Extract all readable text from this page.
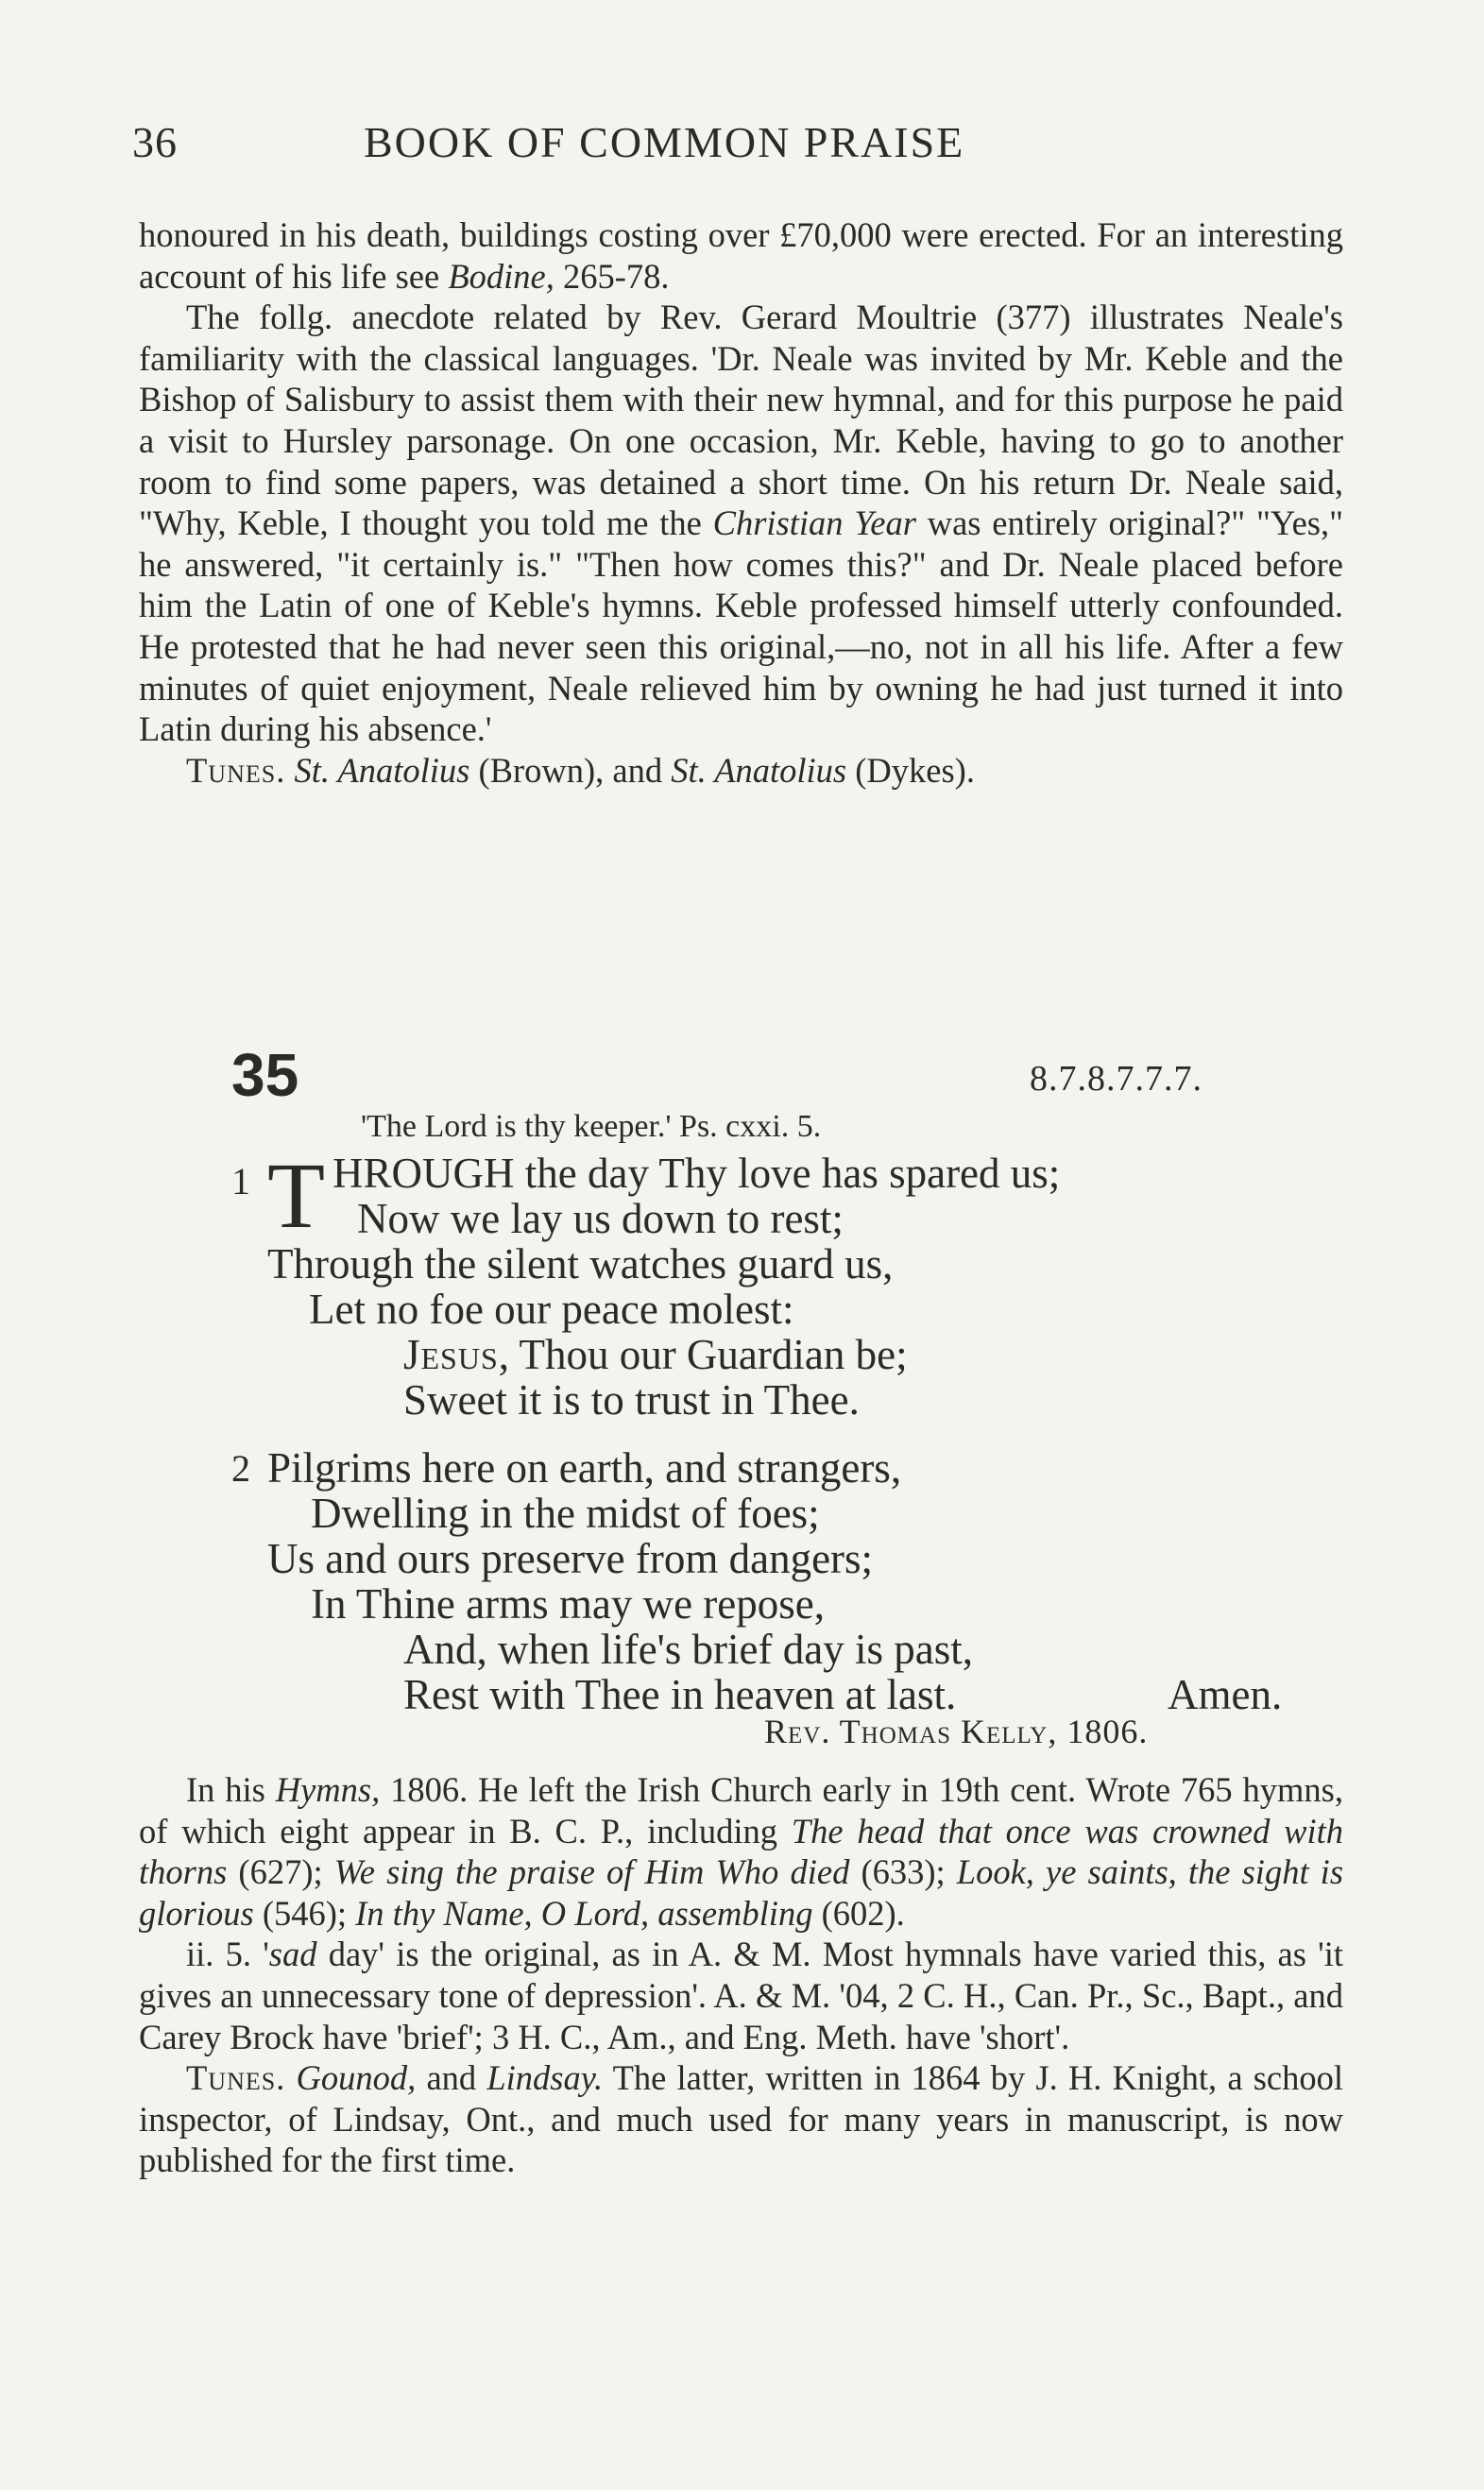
36	BOOK OF COMMON PRAISE

honoured in his death, buildings costing over £70,000 were erected. For an interesting account of his life see Bodine, 265-78.

The follg. anecdote related by Rev. Gerard Moultrie (377) illustrates Neale's familiarity with the classical languages. 'Dr. Neale was invited by Mr. Keble and the Bishop of Salisbury to assist them with their new hymnal, and for this purpose he paid a visit to Hursley parsonage. On one occasion, Mr. Keble, having to go to another room to find some papers, was detained a short time. On his return Dr. Neale said, "Why, Keble, I thought you told me the Christian Year was entirely original?" "Yes," he answered, "it certainly is." "Then how comes this?" and Dr. Neale placed before him the Latin of one of Keble's hymns. Keble professed himself utterly confounded. He protested that he had never seen this original,—no, not in all his life. After a few minutes of quiet enjoyment, Neale relieved him by owning he had just turned it into Latin during his absence.'

Tunes. St. Anatolius (Brown), and St. Anatolius (Dykes).

35	8.7.8.7.7.7.
'The Lord is thy keeper.' Ps. cxxi. 5.
1 T HROUGH the day Thy love has spared us;
Now we lay us down to rest;
Through the silent watches guard us,
Let no foe our peace molest:
Jesus, Thou our Guardian be;
Sweet it is to trust in Thee.
2 Pilgrims here on earth, and strangers,
Dwelling in the midst of foes;
Us and ours preserve from dangers;
In Thine arms may we repose,
And, when life's brief day is past,
Rest with Thee in heaven at last.	Amen.
Rev. Thomas Kelly, 1806.

In his Hymns, 1806. He left the Irish Church early in 19th cent. Wrote 765 hymns, of which eight appear in B. C. P., including The head that once was crowned with thorns (627); We sing the praise of Him Who died (633); Look, ye saints, the sight is glorious (546); In thy Name, O Lord, assembling (602).

ii. 5. 'sad day' is the original, as in A. & M. Most hymnals have varied this, as 'it gives an unnecessary tone of depression'. A. & M. '04, 2 C. H., Can. Pr., Sc., Bapt., and Carey Brock have 'brief'; 3 H. C., Am., and Eng. Meth. have 'short'.

Tunes. Gounod, and Lindsay. The latter, written in 1864 by J. H. Knight, a school inspector, of Lindsay, Ont., and much used for many years in manuscript, is now published for the first time.
